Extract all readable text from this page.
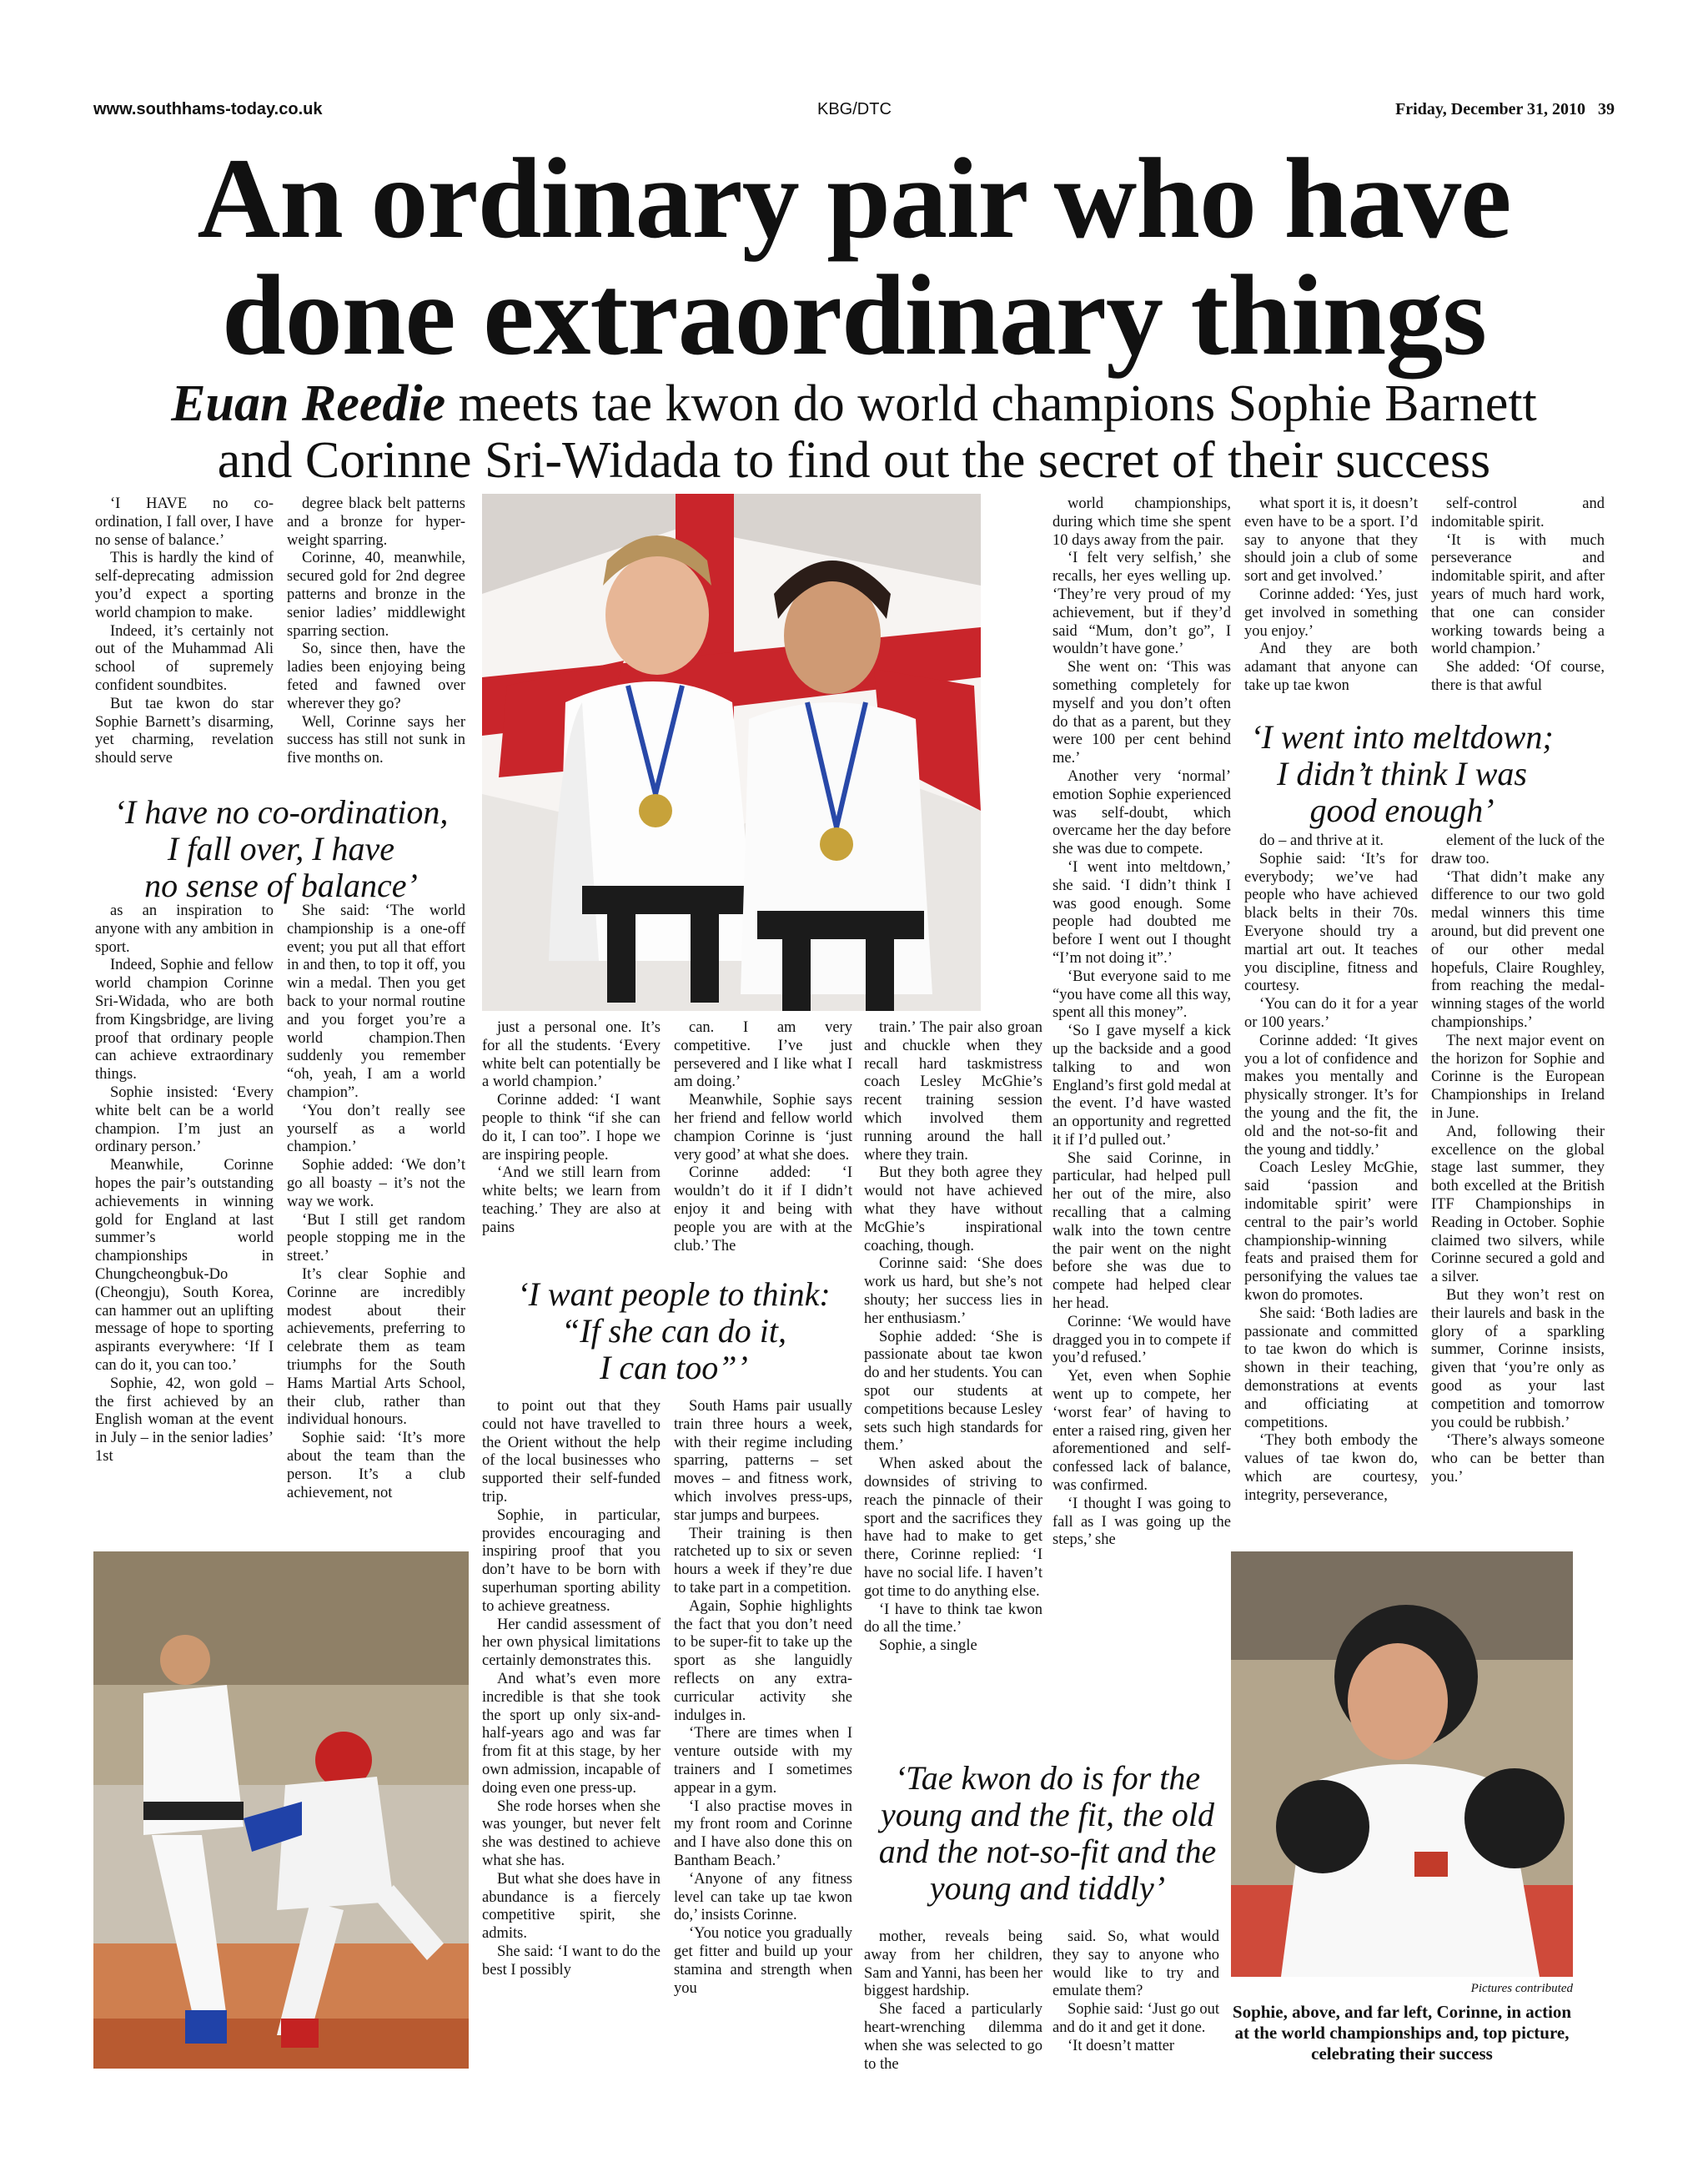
www.southhams-today.co.uk	KBG/DTC	Friday, December 31, 2010 39
An ordinary pair who have
done extraordinary things

Euan Reedie meets tae kwon do world champions Sophie Barnett
and Corinne Sri-Widada to find out the secret of their success

Pictures contributed

Sophie, above, and far left, Corinne, in action at the world championships and, top picture, celebrating their success

‘I have no co-ordination,
I fall over, I have
no sense of balance’
‘I want people to think:
“If she can do it,
I can too”’
‘I went into meltdown;
I didn’t think I was
good enough’
‘Tae kwon do is for the
young and the fit, the old
and the not-so-fit and the
young and tiddly’

‘I HAVE no co-ordination, I fall over, I have no sense of balance.’

This is hardly the kind of self-deprecating admission you’d expect a sporting world champion to make.

Indeed, it’s certainly not out of the Muhammad Ali school of supremely confident soundbites.

But tae kwon do star Sophie Barnett’s disarming, yet charming, revelation should serve

degree black belt patterns and a bronze for hyper-weight sparring.

Corinne, 40, meanwhile, secured gold for 2nd degree patterns and bronze in the senior ladies’ middlewight sparring section.

So, since then, have the ladies been enjoying being feted and fawned over wherever they go?

Well, Corinne says her success has still not sunk in five months on.

as an inspiration to anyone with any ambition in sport.

Indeed, Sophie and fellow world champion Corinne Sri-Widada, who are both from Kingsbridge, are living proof that ordinary people can achieve extraordinary things.

Sophie insisted: ‘Every white belt can be a world champion. I’m just an ordinary person.’

Meanwhile, Corinne hopes the pair’s outstanding achievements in winning gold for England at last summer’s world championships in Chungcheongbuk-Do (Cheongju), South Korea, can hammer out an uplifting message of hope to sporting aspirants everywhere: ‘If I can do it, you can too.’

Sophie, 42, won gold – the first achieved by an English woman at the event in July – in the senior ladies’ 1st

She said: ‘The world championship is a one-off event; you put all that effort in and then, to top it off, you win a medal. Then you get back to your normal routine and you forget you’re a world champion.Then suddenly you remember “oh, yeah, I am a world champion”.

‘You don’t really see yourself as a world champion.’

Sophie added: ‘We don’t go all boasty – it’s not the way we work.

‘But I still get random people stopping me in the street.’

It’s clear Sophie and Corinne are incredibly modest about their achievements, preferring to celebrate them as team triumphs for the South Hams Martial Arts School, their club, rather than individual honours.

Sophie said: ‘It’s more about the team than the person. It’s a club achievement, not

just a personal one. It’s for all the students. ‘Every white belt can potentially be a world champion.’

Corinne added: ‘I want people to think “if she can do it, I can too”. I hope we are inspiring people.

‘And we still learn from white belts; we learn from teaching.’ They are also at pains

can. I am very competitive. I’ve just persevered and I like what I am doing.’

Meanwhile, Sophie says her friend and fellow world champion Corinne is ‘just very good’ at what she does.

Corinne added: ‘I wouldn’t do it if I didn’t enjoy it and being with people you are with at the club.’ The

to point out that they could not have travelled to the Orient without the help of the local businesses who supported their self-funded trip.

Sophie, in particular, provides encouraging and inspiring proof that you don’t have to be born with superhuman sporting ability to achieve greatness.

Her candid assessment of her own physical limitations certainly demonstrates this.

And what’s even more incredible is that she took the sport up only six-and-half-years ago and was far from fit at this stage, by her own admission, incapable of doing even one press-up.

She rode horses when she was younger, but never felt she was destined to achieve what she has.

But what she does have in abundance is a fiercely competitive spirit, she admits.

She said: ‘I want to do the best I possibly

South Hams pair usually train three hours a week, with their regime including sparring, patterns – set moves – and fitness work, which involves press-ups, star jumps and burpees.

Their training is then ratcheted up to six or seven hours a week if they’re due to take part in a competition.

Again, Sophie highlights the fact that you don’t need to be super-fit to take up the sport as she languidly reflects on any extra-curricular activity she indulges in.

‘There are times when I venture outside with my trainers and I sometimes appear in a gym.

‘I also practise moves in my front room and Corinne and I have also done this on Bantham Beach.’

‘Anyone of any fitness level can take up tae kwon do,’ insists Corinne.

‘You notice you gradually get fitter and build up your stamina and strength when you

train.’ The pair also groan and chuckle when they recall hard taskmistress coach Lesley McGhie’s recent training session which involved them running around the hall where they train.

But they both agree they would not have achieved what they have without McGhie’s inspirational coaching, though.

Corinne said: ‘She does work us hard, but she’s not shouty; her success lies in her enthusiasm.’

Sophie added: ‘She is passionate about tae kwon do and her students. You can spot our students at competitions because Lesley sets such high standards for them.’

When asked about the downsides of striving to reach the pinnacle of their sport and the sacrifices they have had to make to get there, Corinne replied: ‘I have no social life. I haven’t got time to do anything else.

‘I have to think tae kwon do all the time.’

Sophie, a single

world championships, during which time she spent 10 days away from the pair.

‘I felt very selfish,’ she recalls, her eyes welling up. ‘They’re very proud of my achievement, but if they’d said “Mum, don’t go”, I wouldn’t have gone.’

She went on: ‘This was something completely for myself and you don’t often do that as a parent, but they were 100 per cent behind me.’

Another very ‘normal’ emotion Sophie experienced was self-doubt, which overcame her the day before she was due to compete.

‘I went into meltdown,’ she said. ‘I didn’t think I was good enough. Some people had doubted me before I went out I thought “I’m not doing it”.’

‘But everyone said to me “you have come all this way, spent all this money”.

‘So I gave myself a kick up the backside and a good talking to and won England’s first gold medal at the event. I’d have wasted an opportunity and regretted it if I’d pulled out.’

She said Corinne, in particular, had helped pull her out of the mire, also recalling that a calming walk into the town centre the pair went on the night before she was due to compete had helped clear her head.

Corinne: ‘We would have dragged you in to compete if you’d refused.’

Yet, even when Sophie went up to compete, her ‘worst fear’ of having to enter a raised ring, given her aforementioned and self-confessed lack of balance, was confirmed.

‘I thought I was going to fall as I was going up the steps,’ she

mother, reveals being away from her children, Sam and Yanni, has been her biggest hardship.

She faced a particularly heart-wrenching dilemma when she was selected to go to the

said. So, what would they say to anyone who would like to try and emulate them?

Sophie said: ‘Just go out and do it and get it done.

‘It doesn’t matter

what sport it is, it doesn’t even have to be a sport. I’d say to anyone that they should join a club of some sort and get involved.’

Corinne added: ‘Yes, just get involved in something you enjoy.’

And they are both adamant that anyone can take up tae kwon

self-control and indomitable spirit.

‘It is with much perseverance and indomitable spirit, and after years of much hard work, that one can consider working towards being a world champion.’

She added: ‘Of course, there is that awful

do – and thrive at it.

Sophie said: ‘It’s for everybody; we’ve had people who have achieved black belts in their 70s. Everyone should try a martial art out. It teaches you discipline, fitness and courtesy.

‘You can do it for a year or 100 years.’

Corinne added: ‘It gives you a lot of confidence and makes you mentally and physically stronger. It’s for the young and the fit, the old and the not-so-fit and the young and tiddly.’

Coach Lesley McGhie, said ‘passion and indomitable spirit’ were central to the pair’s world championship-winning feats and praised them for personifying the values tae kwon do promotes.

She said: ‘Both ladies are passionate and committed to tae kwon do which is shown in their teaching, demonstrations at events and officiating at competitions.

‘They both embody the values of tae kwon do, which are courtesy, integrity, perseverance,

element of the luck of the draw too.

‘That didn’t make any difference to our two gold medal winners this time around, but did prevent one of our other medal hopefuls, Claire Roughley, from reaching the medal-winning stages of the world championships.’

The next major event on the horizon for Sophie and Corinne is the European Championships in Ireland in June.

And, following their excellence on the global stage last summer, they both excelled at the British ITF Championships in Reading in October. Sophie claimed two silvers, while Corinne secured a gold and a silver.

But they won’t rest on their laurels and bask in the glory of a sparkling summer, Corinne insists, given that ‘you’re only as good as your last competition and tomorrow you could be rubbish.’

‘There’s always someone who can be better than you.’
